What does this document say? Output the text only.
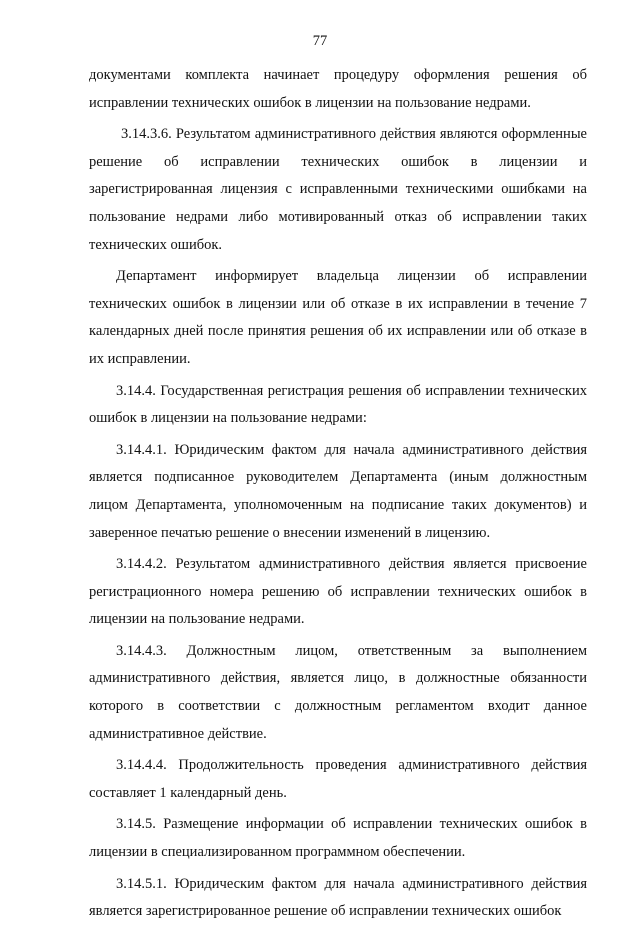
77

документами комплекта начинает процедуру оформления решения об исправлении технических ошибок в лицензии на пользование недрами.

3.14.3.6. Результатом административного действия являются оформленные решение об исправлении технических ошибок в лицензии и зарегистрированная лицензия с исправленными техническими ошибками на пользование недрами либо мотивированный отказ об исправлении таких технических ошибок.

Департамент информирует владельца лицензии об исправлении технических ошибок в лицензии или об отказе в их исправлении в течение 7 календарных дней после принятия решения об их исправлении или об отказе в их исправлении.

3.14.4. Государственная регистрация решения об исправлении технических ошибок в лицензии на пользование недрами:

3.14.4.1. Юридическим фактом для начала административного действия является подписанное руководителем Департамента (иным должностным лицом Департамента, уполномоченным на подписание таких документов) и заверенное печатью решение о внесении изменений в лицензию.

3.14.4.2. Результатом административного действия является присвоение регистрационного номера решению об исправлении технических ошибок в лицензии на пользование недрами.

3.14.4.3. Должностным лицом, ответственным за выполнением административного действия, является лицо, в должностные обязанности которого в соответствии с должностным регламентом входит данное административное действие.

3.14.4.4. Продолжительность проведения административного действия составляет 1 календарный день.

3.14.5. Размещение информации об исправлении технических ошибок в лицензии в специализированном программном обеспечении.

3.14.5.1. Юридическим фактом для начала административного действия является зарегистрированное решение об исправлении технических ошибок
